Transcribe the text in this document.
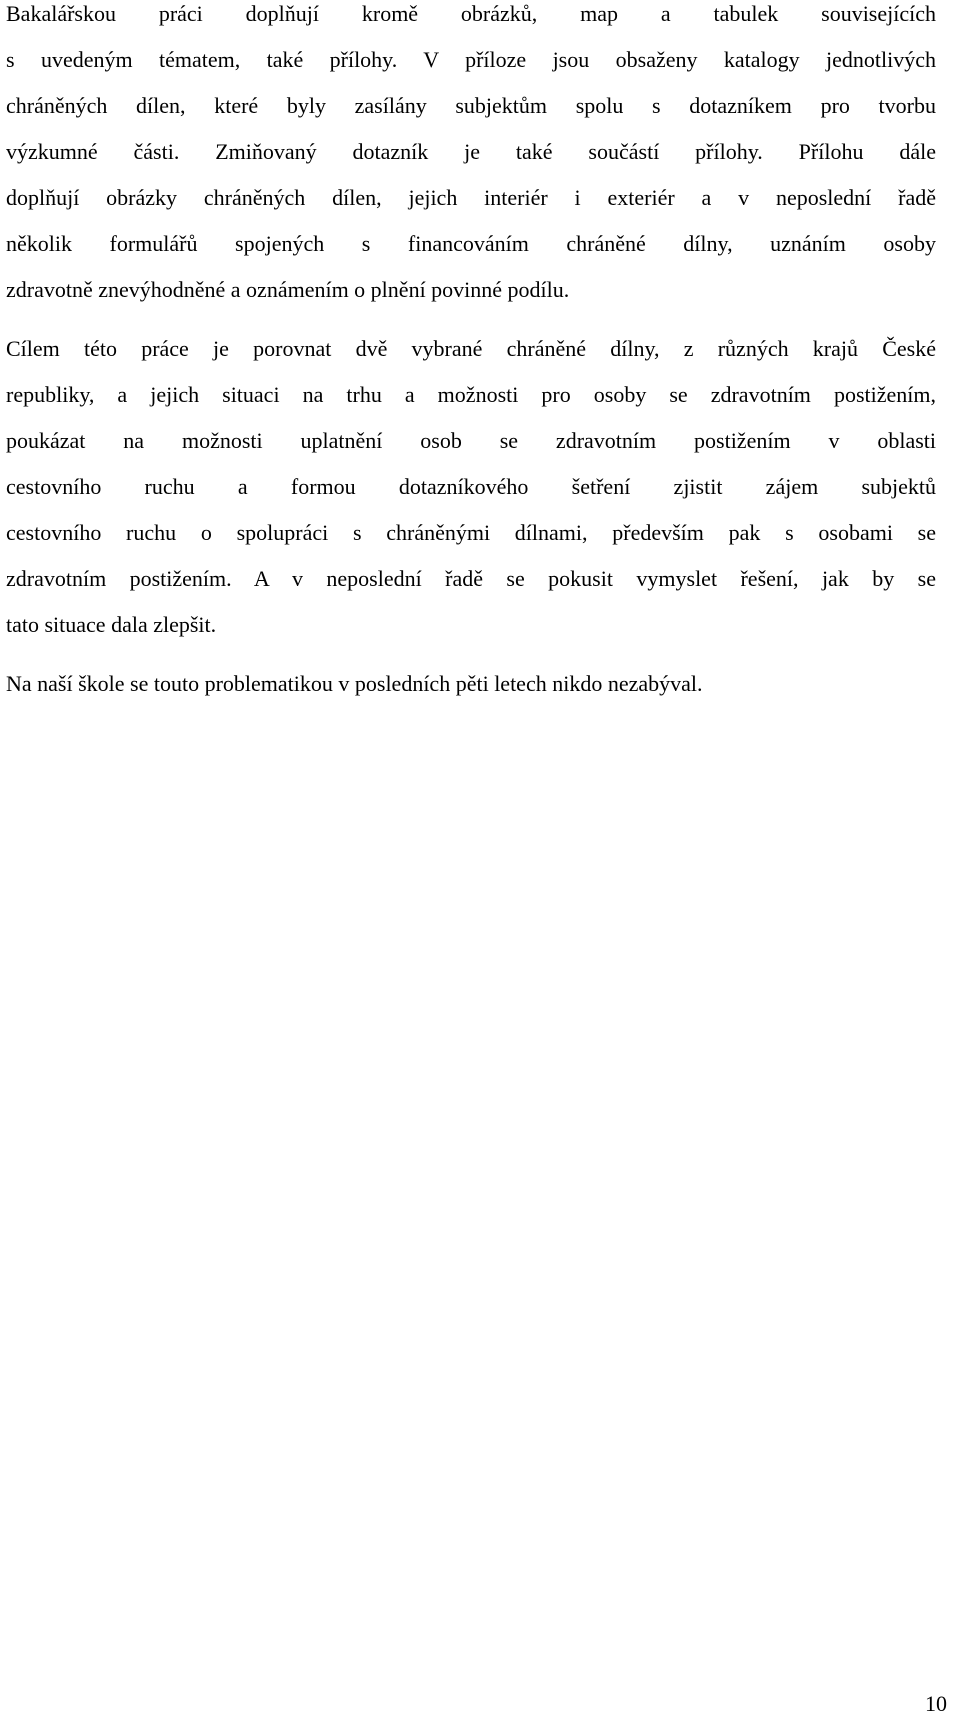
Bakalářskou práci doplňují kromě obrázků, map a tabulek souvisejících
s uvedeným tématem, také přílohy. V příloze jsou obsaženy katalogy jednotlivých
chráněných dílen, které byly zasílány subjektům spolu s dotazníkem pro tvorbu
výzkumné části. Zmiňovaný dotazník je také součástí přílohy. Přílohu dále
doplňují obrázky chráněných dílen, jejich interiér i exteriér a v neposlední řadě
několik formulářů spojených s financováním chráněné dílny, uznáním osoby
zdravotně znevýhodněné a oznámením o plnění povinné podílu.
Cílem této práce je porovnat dvě vybrané chráněné dílny, z různých krajů České
republiky, a jejich situaci na trhu a možnosti pro osoby se zdravotním postižením,
poukázat na možnosti uplatnění osob se zdravotním postižením v oblasti
cestovního ruchu a formou dotazníkového šetření zjistit zájem subjektů
cestovního ruchu o spolupráci s chráněnými dílnami, především pak s osobami se
zdravotním postižením. A v neposlední řadě se pokusit vymyslet řešení, jak by se
tato situace dala zlepšit.
Na naší škole se touto problematikou v posledních pěti letech nikdo nezabýval.
10
